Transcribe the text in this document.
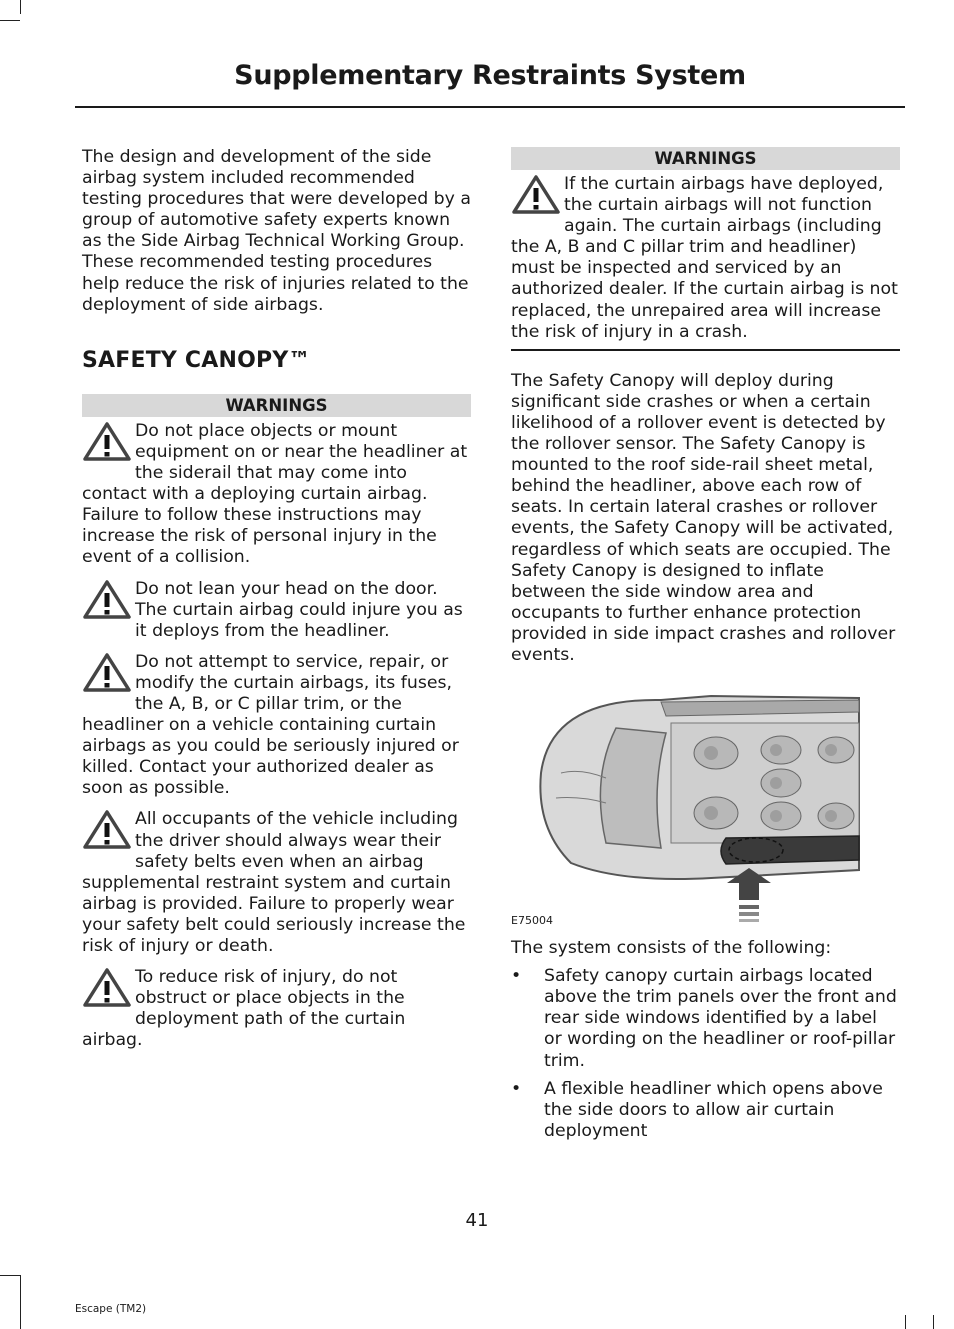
Supplementary Restraints System

The design and development of the side airbag system included recommended testing procedures that were developed by a group of automotive safety experts known as the Side Airbag Technical Working Group. These recommended testing procedures help reduce the risk of injuries related to the deployment of side airbags.

SAFETY CANOPY™
WARNINGS
Do not place objects or mount equipment on or near the headliner at the siderail that may come into contact with a deploying curtain airbag. Failure to follow these instructions may increase the risk of personal injury in the event of a collision.
Do not lean your head on the door. The curtain airbag could injure you as it deploys from the headliner.
Do not attempt to service, repair, or modify the curtain airbags, its fuses, the A, B, or C pillar trim, or the headliner on a vehicle containing curtain airbags as you could be seriously injured or killed. Contact your authorized dealer as soon as possible.
All occupants of the vehicle including the driver should always wear their safety belts even when an airbag supplemental restraint system and curtain airbag is provided. Failure to properly wear your safety belt could seriously increase the risk of injury or death.
To reduce risk of injury, do not obstruct or place objects in the deployment path of the curtain airbag.
WARNINGS
If the curtain airbags have deployed, the curtain airbags will not function again. The curtain airbags (including the A, B and C pillar trim and headliner) must be inspected and serviced by an authorized dealer. If the curtain airbag is not replaced, the unrepaired area will increase the risk of injury in a crash.

The Safety Canopy will deploy during significant side crashes or when a certain likelihood of a rollover event is detected by the rollover sensor. The Safety Canopy is mounted to the roof side-rail sheet metal, behind the headliner, above each row of seats. In certain lateral crashes or rollover events, the Safety Canopy will be activated, regardless of which seats are occupied. The Safety Canopy is designed to inflate between the side window area and occupants to further enhance protection provided in side impact crashes and rollover events.

E75004

The system consists of the following:

• Safety canopy curtain airbags located above the trim panels over the front and rear side windows identified by a label or wording on the headliner or roof-pillar trim.
• A flexible headliner which opens above the side doors to allow air curtain deployment
41
Escape (TM2)
